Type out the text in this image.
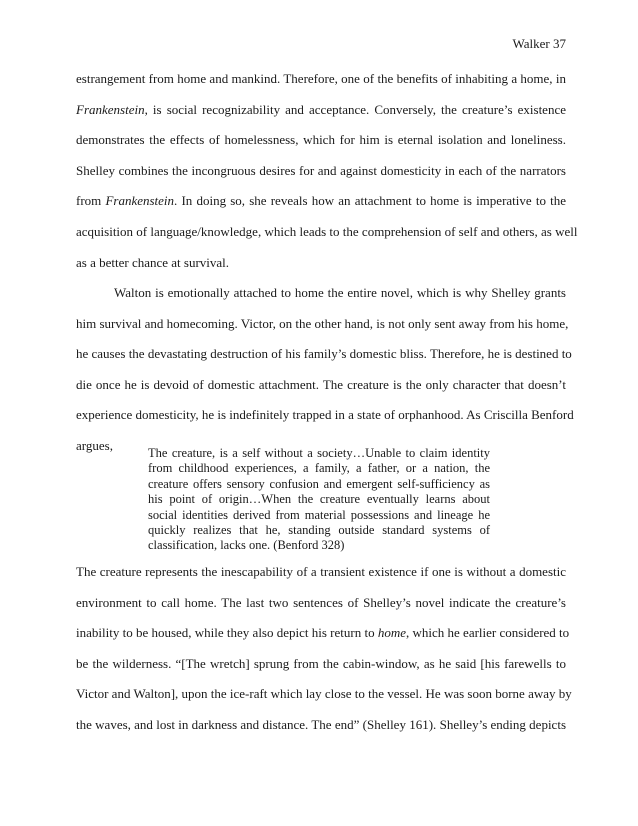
Walker 37
estrangement from home and mankind. Therefore, one of the benefits of inhabiting a home, in
Frankenstein, is social recognizability and acceptance. Conversely, the creature’s existence
demonstrates the effects of homelessness, which for him is eternal isolation and loneliness.
Shelley combines the incongruous desires for and against domesticity in each of the narrators
from Frankenstein. In doing so, she reveals how an attachment to home is imperative to the
acquisition of language/knowledge, which leads to the comprehension of self and others, as well
as a better chance at survival.
Walton is emotionally attached to home the entire novel, which is why Shelley grants
him survival and homecoming. Victor, on the other hand, is not only sent away from his home,
he causes the devastating destruction of his family’s domestic bliss. Therefore, he is destined to
die once he is devoid of domestic attachment. The creature is the only character that doesn’t
experience domesticity, he is indefinitely trapped in a state of orphanhood. As Criscilla Benford
argues,
The creature, is a self without a society…Unable to claim identity
from childhood experiences, a family, a father, or a nation, the
creature offers sensory confusion and emergent self-sufficiency as
his point of origin…When the creature eventually learns about
social identities derived from material possessions and lineage he
quickly realizes that he, standing outside standard systems of
classification, lacks one. (Benford 328)
The creature represents the inescapability of a transient existence if one is without a domestic
environment to call home. The last two sentences of Shelley’s novel indicate the creature’s
inability to be housed, while they also depict his return to home, which he earlier considered to
be the wilderness. “[The wretch] sprung from the cabin-window, as he said [his farewells to
Victor and Walton], upon the ice-raft which lay close to the vessel. He was soon borne away by
the waves, and lost in darkness and distance. The end” (Shelley 161). Shelley’s ending depicts
